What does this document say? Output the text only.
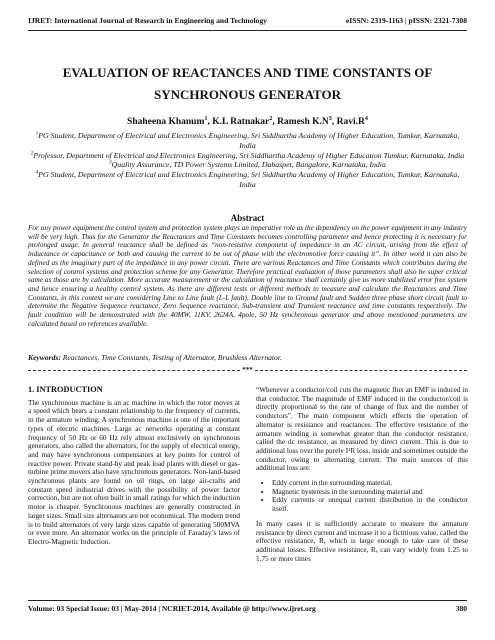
IJRET: International Journal of Research in Engineering and Technology	eISSN: 2319-1163 | pISSN: 2321-7308
EVALUATION OF REACTANCES AND TIME CONSTANTS OF
SYNCHRONOUS GENERATOR
Shaheena Khanum$^1$, K.L Ratnakar$^2$, Ramesh $K.N^3$, $Ravi.R^4$
$^1$PG Student, Department of Electrical and Electronics Engineering, Sri Siddhartha Academy of Higher Education, Tumkur, Karnataka, India
$^2$Professor, Department of Electrical and Electronics Engineering, Sri Siddhartha Academy of Higher Education Tumkur, Karnataka, India
$^3$Quality Assurance, TD Power Systems Limited, Dabaspet, Bangalore, Karnataka, India
$^4$PG Student, Department of Electrical and Electronics Engineering, Sri Siddhartha Academy of Higher Education, Tumkur, Karnataka, India
Abstract
For any power equipment the control system and protection system plays an imperative role as the dependency on the power equipment in any industry will be very high. Thus for the Generator the Reactances and Time Constants becomes controlling parameter and hence protecting it is necessary for prolonged usage. In general reactance shall be defined as “non-resistive component of impedance in an AC circuit, arising from the effect of inductance or capacitance or both and causing the current to be out of phase with the electromotive force causing it”. In other word it can also be defined as the imaginary part of the impedance in any power circuit. There are various Reactances and Time Constants which contributes during the selection of control systems and protection scheme for any Generator. Therefore practical evaluation of those parameters shall also be super critical same as those are by calculation. More accurate measurement or the calculation of reactance shall certainly give us more stabilized error free system and hence ensuring a healthy control system. As there are different tests or different methods to measure and calculate the Reactances and Time Constants, in this context we are considering Line to Line fault (L-L fault), Double line to Ground fault and Sudden three phase short circuit fault to determine the Negative Sequence reactance, Zero Sequence reactance, Sub-transient and Transient reactance and time constants respectively. The fault condition will be demonstrated with the 40MW, 11KV, 2624A, 4pole, 50 Hz synchronous generator and above mentioned parameters are calculated based on references available.
Keywords: Reactances, Time Constants, Testing of Alternator, Brushless Alternator.
***
1. INTRODUCTION

The synchronous machine is an ac machine in which the rotor moves at a speed which bears a constant relationship to the frequency of currents, in the armature winding. A synchronous machine is one of the important types of electric machines. Large ac networks operating at constant frequency of 50 Hz or 60 Hz rely almost exclusively on synchronous generators, also called the alternators, for the supply of electrical energy, and may have synchronous compensators at key points for control of reactive power. Private stand-by and peak load plants with diesel or gas-turbine prime movers also have synchronous generators. Non-land-based synchronous plants are found on oil rings, on large air-crafts and constant speed industrial drives with the possibility of power factor correction, but are not often built in small ratings for which the induction motor is cheaper. Synchronous machines are generally constructed in larger sizes. Small size alternators are not economical. The modern trend is to build alternators of very large sizes capable of generating 500MVA or even more. An alternator works on the principle of Faraday’s laws of Electro-Magnetic Induction.

“Whenever a conductor/coil cuts the magnetic flux an EMF is induced in that conductor. The magnitude of EMF induced in the conductor/coil is directly proportional to the rate of change of flux and the number of conductors”. The main component which effects the operation of alternator is resistance and reactances. The effective resistance of the armature winding is somewhat greater than the conductor resistance, called the dc resistance, as measured by direct current. This is due to additional loss over the purely I²R loss, inside and sometimes outside the conductor, owing to alternating current. The main sources of this additional loss are:

• Eddy current in the surrounding material,
• Magnetic hysteresis in the surrounding material and
• Eddy currents or unequal current distribution in the conductor itself.

In many cases it is sufficiently accurate to measure the armature resistance by direct current and increase it to a fictitious value, called the effective resistance, Rₑ which is large enough to take care of these additional losses. Effective resistance, Rₑ can vary widely from 1.25 to 1.75 or more times

Volume: 03 Special Issue: 03 | May-2014 | NCRIET-2014, Available @ http://www.ijret.org	380
